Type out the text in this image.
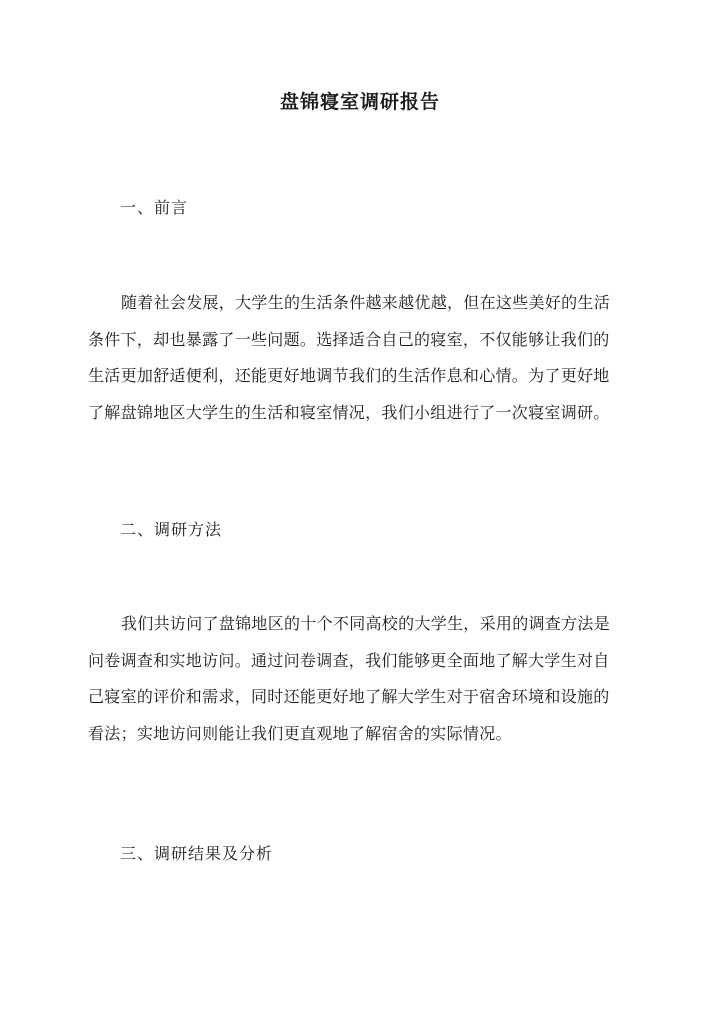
盘锦寝室调研报告
一、前言
随着社会发展，大学生的生活条件越来越优越，但在这些美好的生活
条件下，却也暴露了一些问题。选择适合自己的寝室，不仅能够让我们的
生活更加舒适便利，还能更好地调节我们的生活作息和心情。为了更好地
了解盘锦地区大学生的生活和寝室情况，我们小组进行了一次寝室调研。
二、调研方法
我们共访问了盘锦地区的十个不同高校的大学生，采用的调查方法是
问卷调查和实地访问。通过问卷调查，我们能够更全面地了解大学生对自
己寝室的评价和需求，同时还能更好地了解大学生对于宿舍环境和设施的
看法；实地访问则能让我们更直观地了解宿舍的实际情况。
三、调研结果及分析
